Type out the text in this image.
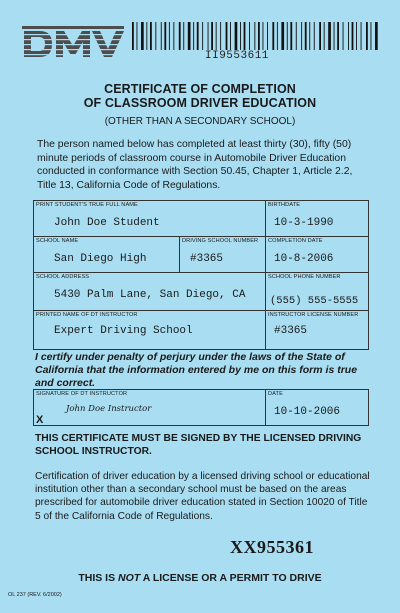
II9553611
CERTIFICATE OF COMPLETION
OF CLASSROOM DRIVER EDUCATION
(OTHER THAN A SECONDARY SCHOOL)
The person named below has completed at least thirty (30), fifty (50) minute periods of classroom course in Automobile Driver Education conducted in conformance with Section 50.45, Chapter 1, Article 2.2, Title 13, California Code of Regulations.
PRINT STUDENT'S TRUE FULL NAME
John Doe Student
BIRTHDATE
10-3-1990
SCHOOL NAME
San Diego High
DRIVING SCHOOL NUMBER
#3365
COMPLETION DATE
10-8-2006
SCHOOL ADDRESS
5430 Palm Lane, San Diego, CA
SCHOOL PHONE NUMBER
(555) 555-5555
PRINTED NAME OF DT INSTRUCTOR
Expert Driving School
INSTRUCTOR LICENSE NUMBER
#3365
I certify under penalty of perjury under the laws of the State of California that the information entered by me on this form is true and correct.
SIGNATURE OF DT INSTRUCTOR
X
John Doe Instructor
DATE
10-10-2006
THIS CERTIFICATE MUST BE SIGNED BY THE LICENSED DRIVING SCHOOL INSTRUCTOR.
Certification of driver education by a licensed driving school or educational institution other than a secondary school must be based on the areas prescribed for automobile driver education stated in Section 10020 of Title 5 of the California Code of Regulations.
XX955361
THIS IS NOT A LICENSE OR A PERMIT TO DRIVE
OL 237 (REV. 6/2002)
